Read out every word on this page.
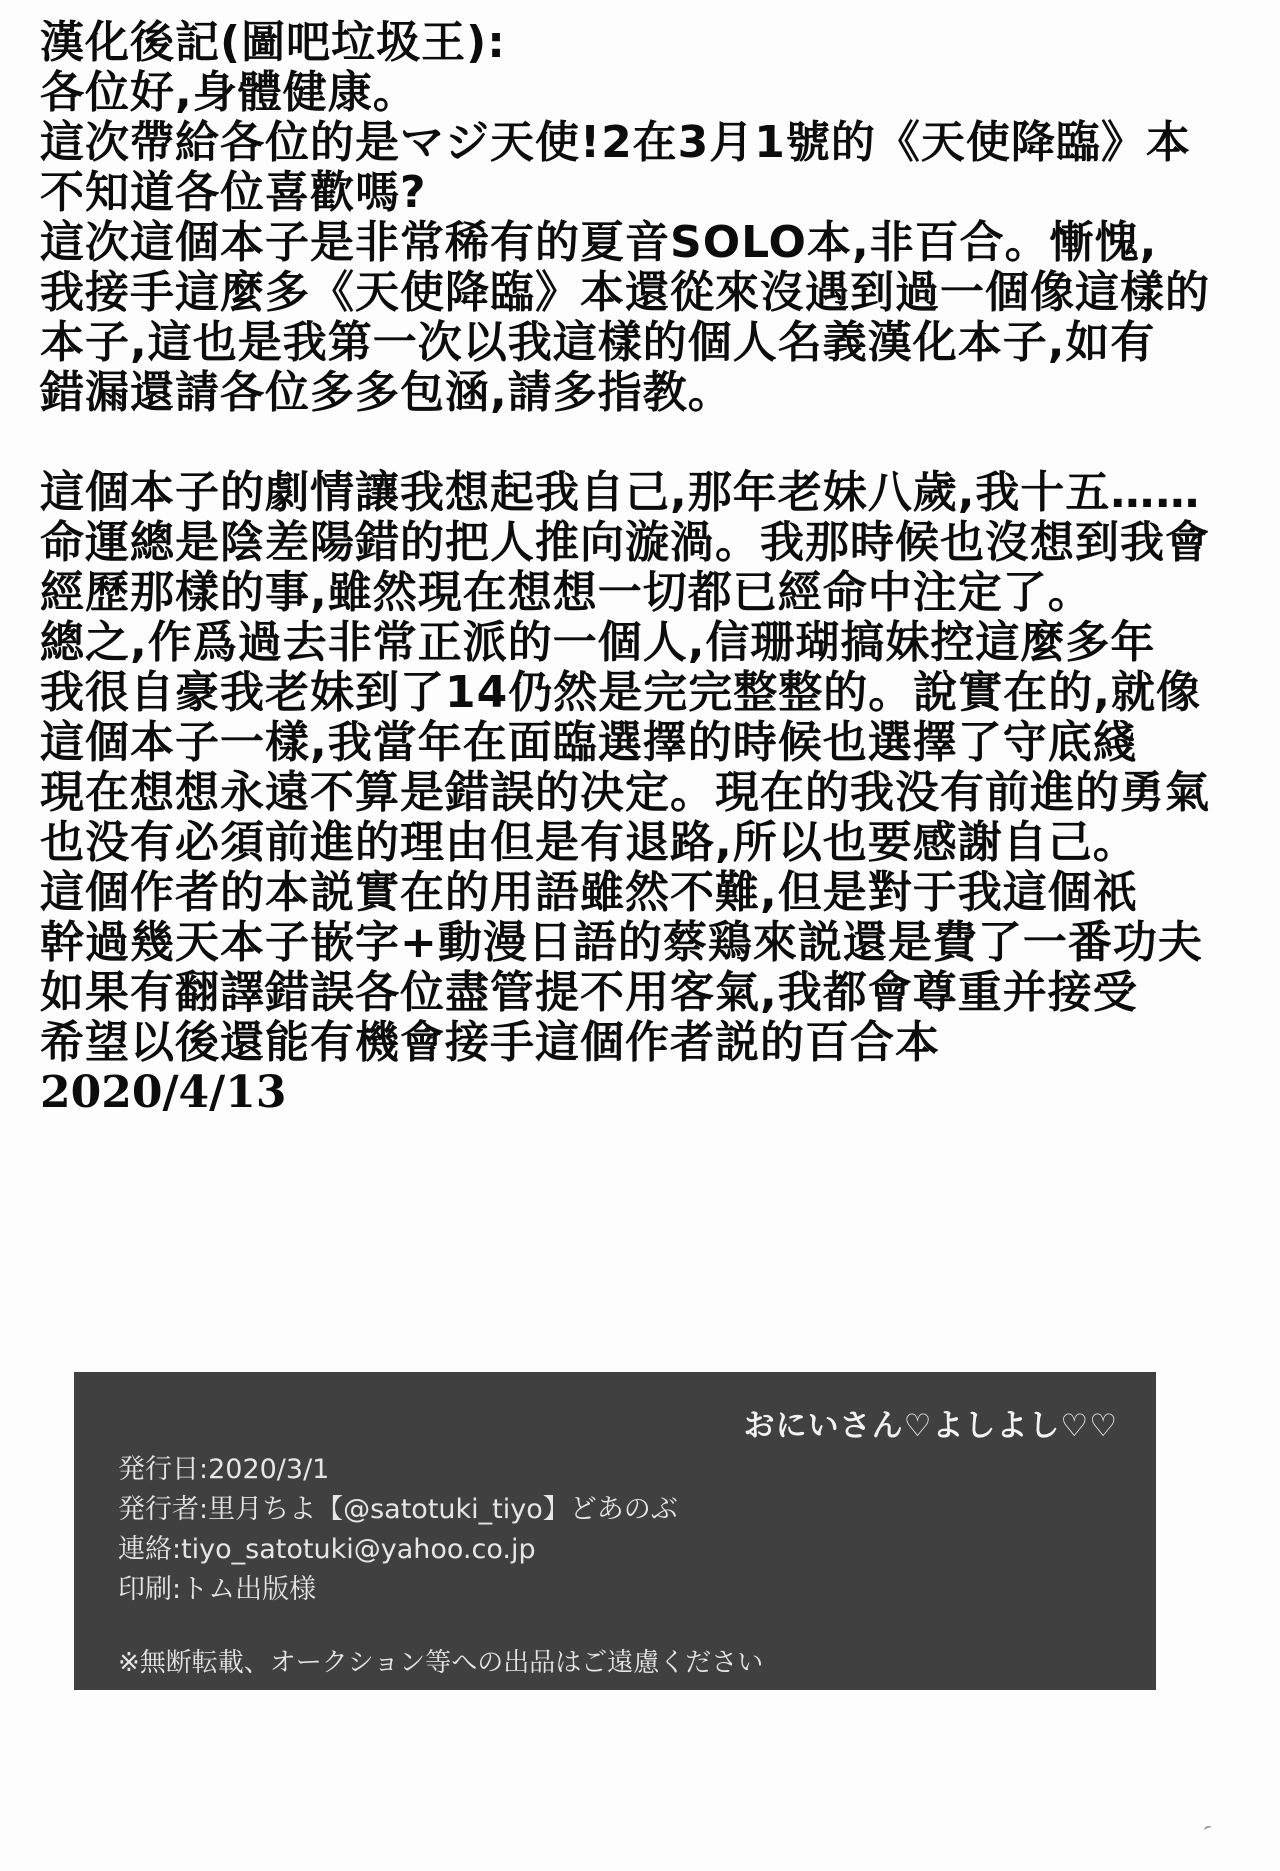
漢化後記(圖吧垃圾王):
各位好,身體健康。
這次帶給各位的是マジ天使!2在3月1號的《天使降臨》本
不知道各位喜歡嗎?
這次這個本子是非常稀有的夏音SOLO本,非百合。慚愧,
我接手這麼多《天使降臨》本還從來沒遇到過一個像這樣的
本子,這也是我第一次以我這樣的個人名義漢化本子,如有
錯漏還請各位多多包涵,請多指教。
這個本子的劇情讓我想起我自己,那年老妹八歲,我十五……
命運總是陰差陽錯的把人推向漩渦。我那時候也沒想到我會
經歷那樣的事,雖然現在想想一切都已經命中注定了。
總之,作爲過去非常正派的一個人,信珊瑚搞妹控這麼多年
我很自豪我老妹到了14仍然是完完整整的。說實在的,就像
這個本子一樣,我當年在面臨選擇的時候也選擇了守底綫
現在想想永遠不算是錯誤的决定。現在的我没有前進的勇氣
也没有必須前進的理由但是有退路,所以也要感謝自己。
這個作者的本説實在的用語雖然不難,但是對于我這個祇
幹過幾天本子嵌字+動漫日語的蔡鶏來説還是費了一番功夫
如果有翻譯錯誤各位盡管提不用客氣,我都會尊重并接受
希望以後還能有機會接手這個作者説的百合本
2020/4/13
おにいさん♡よしよし♡♡
発行日:2020/3/1
発行者:里月ちよ【@satotuki_tiyo】どあのぶ
連絡:tiyo_satotuki@yahoo.co.jp
印刷:トム出版様
※無断転載、オークション等への出品はご遠慮ください
